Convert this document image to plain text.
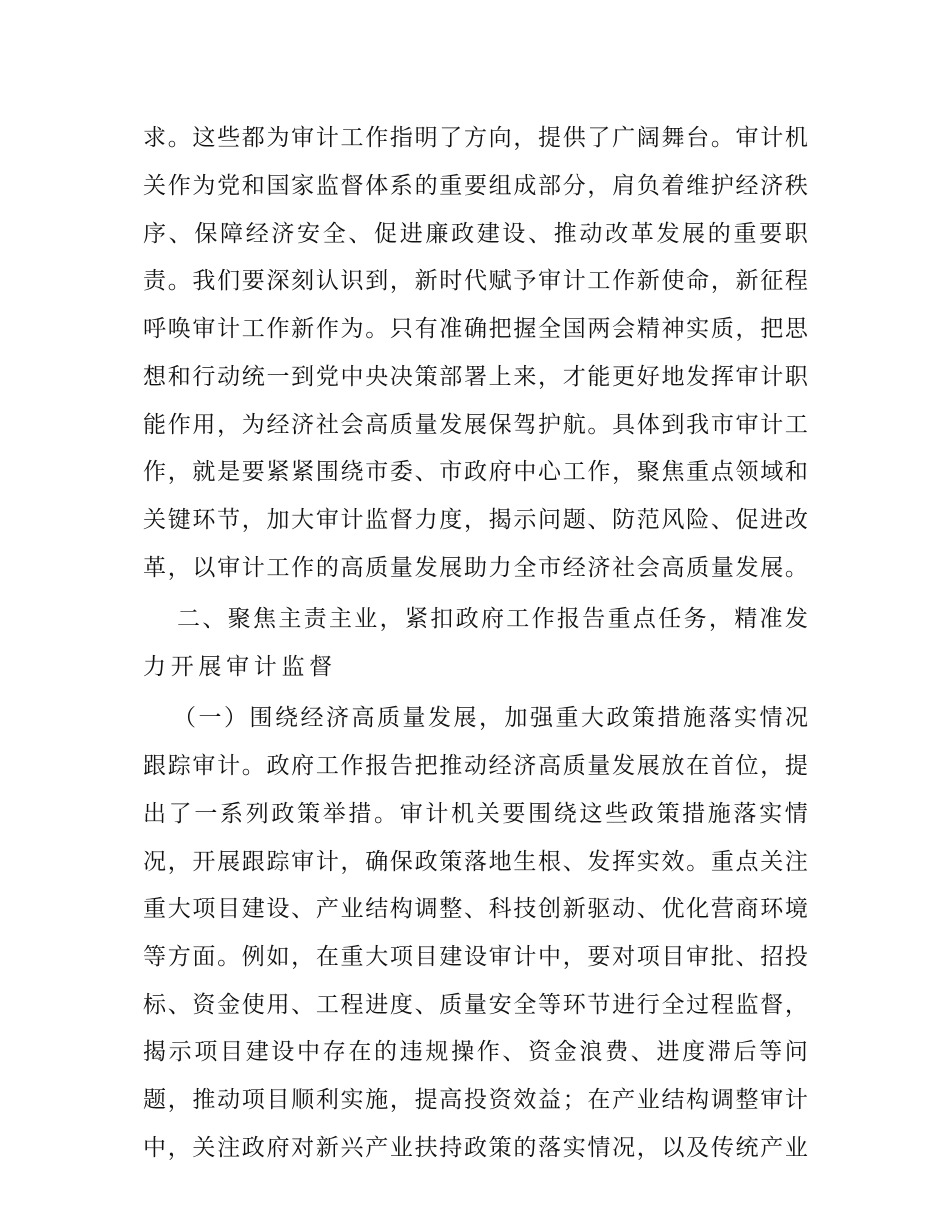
求 。 这 些 都 为 审 计 工 作 指 明 了 方 向 ， 提 供 了 广 阔 舞 台 。 审 计 机
关 作 为 党 和 国 家 监 督 体 系 的 重 要 组 成 部 分 ， 肩 负 着 维 护 经 济 秩
序 、 保 障 经 济 安 全 、 促 进 廉 政 建 设 、 推 动 改 革 发 展 的 重 要 职
责 。 我 们 要 深 刻 认 识 到 ， 新 时 代 赋 予 审 计 工 作 新 使 命 ， 新 征 程
呼 唤 审 计 工 作 新 作 为 。 只 有 准 确 把 握 全 国 两 会 精 神 实 质 ， 把 思
想 和 行 动 统 一 到 党 中 央 决 策 部 署 上 来 ， 才 能 更 好 地 发 挥 审 计 职
能 作 用 ， 为 经 济 社 会 高 质 量 发 展 保 驾 护 航 。 具 体 到 我 市 审 计 工
作 ， 就 是 要 紧 紧 围 绕 市 委 、 市 政 府 中 心 工 作 ， 聚 焦 重 点 领 域 和
关 键 环 节 ， 加 大 审 计 监 督 力 度 ， 揭 示 问 题 、 防 范 风 险 、 促 进 改
革 ， 以 审 计 工 作 的 高 质 量 发 展 助 力 全 市 经 济 社 会 高 质 量 发 展 。
二 、 聚 焦 主 责 主 业 ， 紧 扣 政 府 工 作 报 告 重 点 任 务 ， 精 准 发
力 开 展 审 计 监 督
（ 一 ） 围 绕 经 济 高 质 量 发 展 ， 加 强 重 大 政 策 措 施 落 实 情 况
跟 踪 审 计 。 政 府 工 作 报 告 把 推 动 经 济 高 质 量 发 展 放 在 首 位 ， 提
出 了 一 系 列 政 策 举 措 。 审 计 机 关 要 围 绕 这 些 政 策 措 施 落 实 情
况 ， 开 展 跟 踪 审 计 ， 确 保 政 策 落 地 生 根 、 发 挥 实 效 。 重 点 关 注
重 大 项 目 建 设 、 产 业 结 构 调 整 、 科 技 创 新 驱 动 、 优 化 营 商 环 境
等 方 面 。 例 如 ， 在 重 大 项 目 建 设 审 计 中 ， 要 对 项 目 审 批 、 招 投
标 、 资 金 使 用 、 工 程 进 度 、 质 量 安 全 等 环 节 进 行 全 过 程 监 督 ，
揭 示 项 目 建 设 中 存 在 的 违 规 操 作 、 资 金 浪 费 、 进 度 滞 后 等 问
题 ， 推 动 项 目 顺 利 实 施 ， 提 高 投 资 效 益 ； 在 产 业 结 构 调 整 审 计
中 ， 关 注 政 府 对 新 兴 产 业 扶 持 政 策 的 落 实 情 况 ， 以 及 传 统 产 业
